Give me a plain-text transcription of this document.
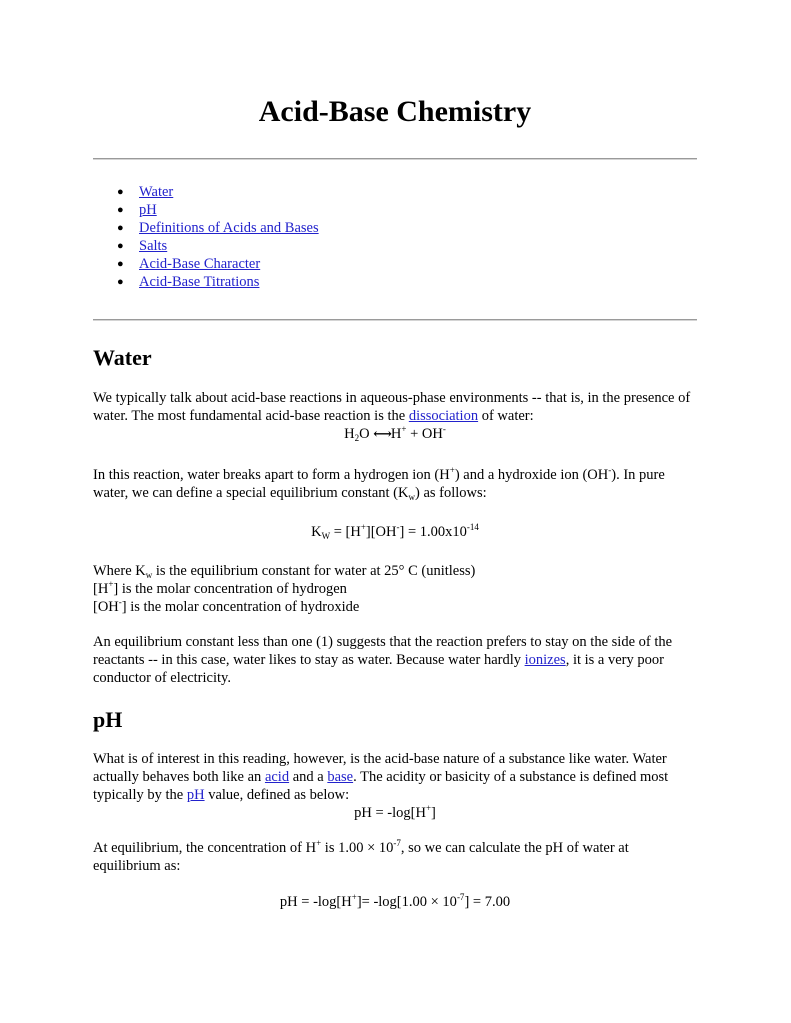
Acid-Base Chemistry
● Water
● pH
● Definitions of Acids and Bases
● Salts
● Acid-Base Character
● Acid-Base Titrations
Water

We typically talk about acid-base reactions in aqueous-phase environments -- that is, in the presence of water. The most fundamental acid-base reaction is the dissociation of water:

$H_2O$ ⟷H+ + OH-

In this reaction, water breaks apart to form a hydrogen ion (H+) and a hydroxide ion (OH-). In pure water, we can define a special equilibrium constant $(K_w)$ as follows:

$K_W = [H^+][OH^-] = 1.00x10^{-14}$

Where $K_w$ is the equilibrium constant for water at 25° C (unitless)

[H+] is the molar concentration of hydrogen

[OH-] is the molar concentration of hydroxide

An equilibrium constant less than one (1) suggests that the reaction prefers to stay on the side of the reactants -- in this case, water likes to stay as water. Because water hardly ionizes, it is a very poor conductor of electricity.

pH

What is of interest in this reading, however, is the acid-base nature of a substance like water. Water actually behaves both like an acid and a base. The acidity or basicity of a substance is defined most typically by the pH value, defined as below:

pH = -log[H+]

At equilibrium, the concentration of H+ is $1.00 \times 10^{-7}$, so we can calculate the pH of water at equilibrium as:

pH = $-\log[H^+]= -\log[1.00 \times 10^{-7}] = 7.00$
